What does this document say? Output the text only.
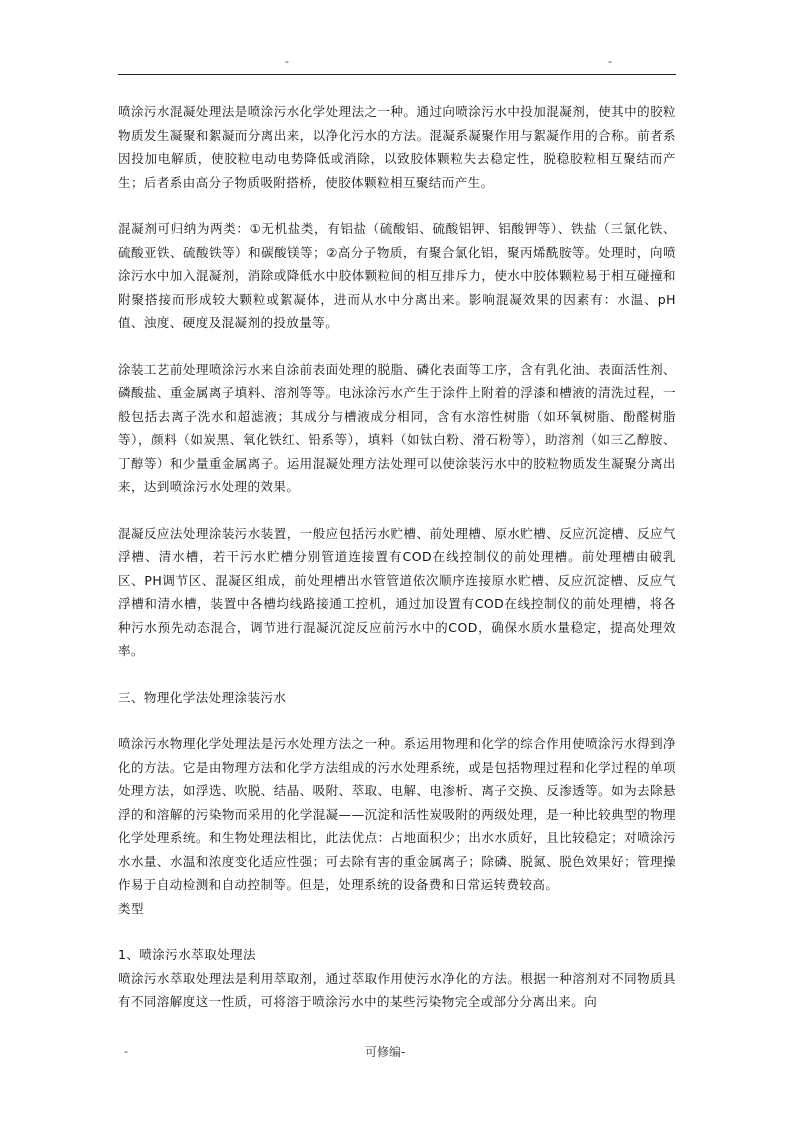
-	-

喷涂污水混凝处理法是喷涂污水化学处理法之一种。通过向喷涂污水中投加混凝剂，使其中的胶粒物质发生凝聚和絮凝而分离出来，以净化污水的方法。混凝系凝聚作用与絮凝作用的合称。前者系因投加电解质，使胶粒电动电势降低或消除，以致胶体颗粒失去稳定性，脱稳胶粒相互聚结而产生；后者系由高分子物质吸附搭桥，使胶体颗粒相互聚结而产生。

混凝剂可归纳为两类：①无机盐类，有铝盐（硫酸铝、硫酸铝钾、铝酸钾等）、铁盐（三氯化铁、硫酸亚铁、硫酸铁等）和碳酸镁等；②高分子物质，有聚合氯化铝，聚丙烯酰胺等。处理时，向喷涂污水中加入混凝剂，消除或降低水中胶体颗粒间的相互排斥力，使水中胶体颗粒易于相互碰撞和附聚搭接而形成较大颗粒或絮凝体，进而从水中分离出来。影响混凝效果的因素有：水温、pH值、浊度、硬度及混凝剂的投放量等。

涂装工艺前处理喷涂污水来自涂前表面处理的脱脂、磷化表面等工序，含有乳化油、表面活性剂、磷酸盐、重金属离子填料、溶剂等等。电泳涂污水产生于涂件上附着的浮漆和槽液的清洗过程，一般包括去离子洗水和超滤液；其成分与槽液成分相同，含有水溶性树脂（如环氧树脂、酚醛树脂等），颜料（如炭黑、氧化铁红、铅系等），填料（如钛白粉、滑石粉等），助溶剂（如三乙醇胺、丁醇等）和少量重金属离子。运用混凝处理方法处理可以使涂装污水中的胶粒物质发生凝聚分离出来，达到喷涂污水处理的效果。

混凝反应法处理涂装污水装置，一般应包括污水贮槽、前处理槽、原水贮槽、反应沉淀槽、反应气浮槽、清水槽，若干污水贮槽分别管道连接置有COD在线控制仪的前处理槽。前处理槽由破乳区、PH调节区、混凝区组成，前处理槽出水管管道依次顺序连接原水贮槽、反应沉淀槽、反应气浮槽和清水槽，装置中各槽均线路接通工控机，通过加设置有COD在线控制仪的前处理槽，将各种污水预先动态混合，调节进行混凝沉淀反应前污水中的COD，确保水质水量稳定，提高处理效率。

三、物理化学法处理涂装污水

喷涂污水物理化学处理法是污水处理方法之一种。系运用物理和化学的综合作用使喷涂污水得到净化的方法。它是由物理方法和化学方法组成的污水处理系统，或是包括物理过程和化学过程的单项处理方法，如浮选、吹脱、结晶、吸附、萃取、电解、电渗析、离子交换、反渗透等。如为去除悬浮的和溶解的污染物而采用的化学混凝——沉淀和活性炭吸附的两级处理，是一种比较典型的物理化学处理系统。和生物处理法相比，此法优点：占地面积少；出水水质好，且比较稳定；对喷涂污水水量、水温和浓度变化适应性强；可去除有害的重金属离子；除磷、脱氮、脱色效果好；管理操作易于自动检测和自动控制等。但是，处理系统的设备费和日常运转费较高。

类型

1、喷涂污水萃取处理法

喷涂污水萃取处理法是利用萃取剂，通过萃取作用使污水净化的方法。根据一种溶剂对不同物质具有不同溶解度这一性质，可将溶于喷涂污水中的某些污染物完全或部分分离出来。向

-	可修编-
